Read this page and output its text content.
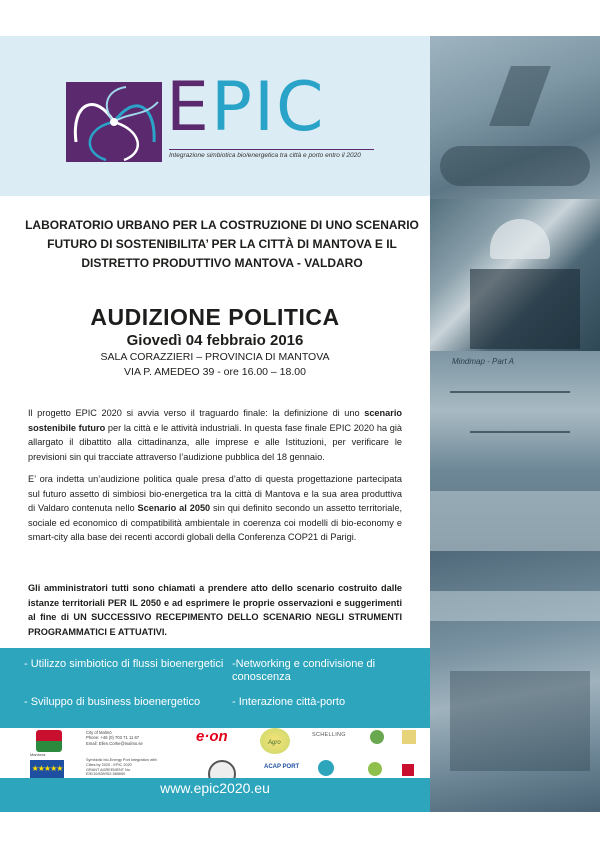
EPIC
Integrazione simbiotica bio/energetica tra città e porto entro il 2020
Mindmap - Part A
LABORATORIO URBANO PER LA COSTRUZIONE DI UNO SCENARIO
FUTURO DI SOSTENIBILITA’ PER LA CITTÀ DI MANTOVA E IL
DISTRETTO PRODUTTIVO MANTOVA - VALDARO
AUDIZIONE POLITICA
Giovedì 04 febbraio 2016
SALA CORAZZIERI – PROVINCIA DI MANTOVA
VIA P. AMEDEO 39 - ore 16.00 – 18.00
Il progetto EPIC 2020 si avvia verso il traguardo finale: la definizione di uno scenario sostenibile futuro per la città e le attività industriali. In questa fase finale EPIC 2020 ha già allargato il dibattito alla cittadinanza, alle imprese e alle Istituzioni, per verificare le previsioni sin qui tracciate attraverso l’audizione pubblica del 18 gennaio.
E’ ora indetta un’audizione politica quale presa d’atto di questa progettazione partecipata sul futuro assetto di simbiosi bio-energetica tra la città di Mantova e la sua area produttiva di Valdaro contenuta nello Scenario al 2050 sin qui definito secondo un assetto territoriale, sociale ed economico di compatibilità ambientale in coerenza coi modelli di bio-economy e smart-city alla base dei recenti accordi globali della Conferenza COP21 di Parigi.
Gli amministratori tutti sono chiamati a prendere atto dello scenario costruito dalle istanze territoriali PER IL 2050 e ad esprimere le proprie osservazioni e suggerimenti al fine di UN SUCCESSIVO RECEPIMENTO DELLO SCENARIO NEGLI STRUMENTI PROGRAMMATICI E ATTUATIVI.
- Utilizzo simbiotico di flussi bioenergetici -Networking e condivisione di conoscenza
- Sviluppo di business bioenergetico	- Interazione città-porto
Mantova
★★★★★
City of Malmö
Phone: +46 (0) 703 71 11 67
Email: Ellen.Corke@malmo.se
Symbiotic bio-Energy Port Integration with Cities by 2020 - EPIC 2020
GRANT AGREEMENT No. EIE/10/839/SI2.589650
e·on	Agro
SCHELLING
ACAP PORT
www.epic2020.eu
